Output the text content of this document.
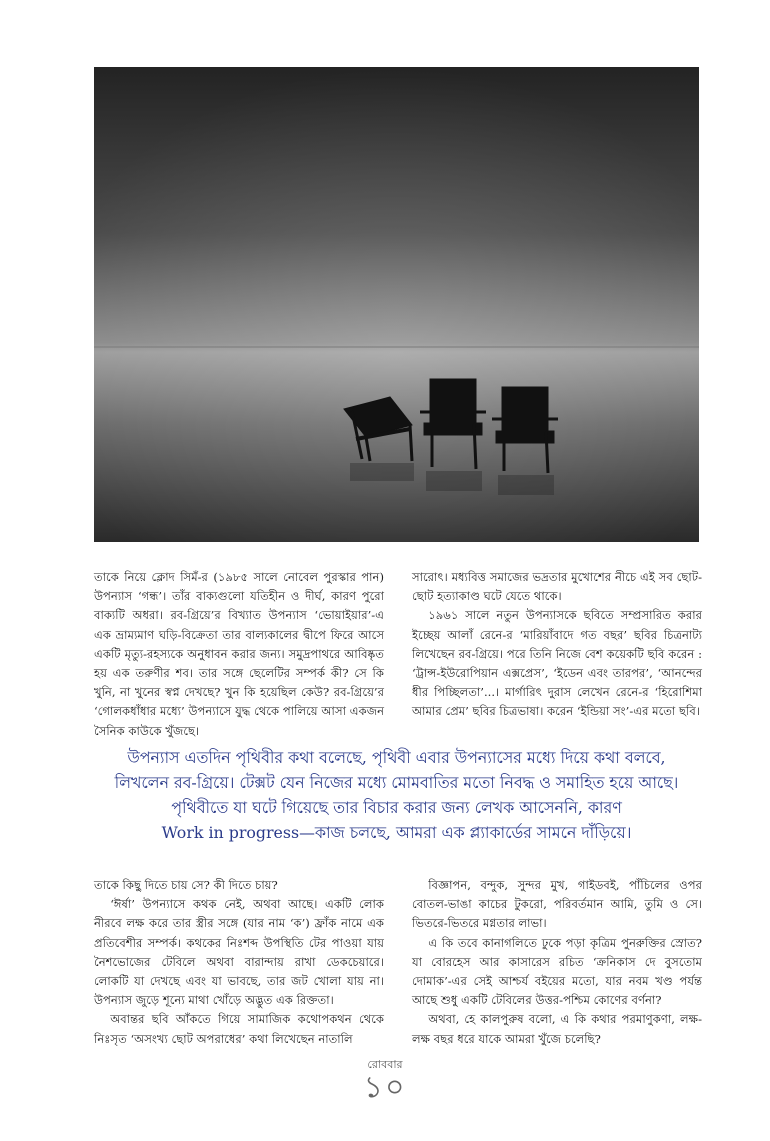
তাকে নিয়ে ক্লোদ সিমঁ-র (১৯৮৫ সালে নোবেল পুরস্কার পান) উপন্যাস ‘গন্ধ’। তাঁর বাক্যগুলো যতিহীন ও দীর্ঘ, কারণ পুরো বাক্যটি অধরা। রব-গ্রিয়ে’র বিখ্যাত উপন্যাস ‘ভোয়াইয়ার’-এ এক ভ্রাম্যমাণ ঘড়ি-বিক্রেতা তার বাল্যকালের দ্বীপে ফিরে আসে একটি মৃত্যু-রহস্যকে অনুধাবন করার জন্য। সমুদ্রপাথরে আবিষ্কৃত হয় এক তরুণীর শব। তার সঙ্গে ছেলেটির সম্পর্ক কী? সে কি খুনি, না খুনের স্বপ্ন দেখছে? খুন কি হয়েছিল কেউ? রব-গ্রিয়ে’র ‘গোলকধাঁধার মধ্যে’ উপন্যাসে যুদ্ধ থেকে পালিয়ে আসা একজন সৈনিক কাউকে খুঁজছে।

সারোৎ। মধ্যবিত্ত সমাজের ভদ্রতার মুখোশের নীচে এই সব ছোট-ছোট হত্যাকাণ্ড ঘটে যেতে থাকে।

১৯৬১ সালে নতুন উপন্যাসকে ছবিতে সম্প্রসারিত করার ইচ্ছেয় আলাঁ রেনে-র ‘মারিয়াঁবাদে গত বছর’ ছবির চিত্রনাট্য লিখেছেন রব-গ্রিয়ে। পরে তিনি নিজে বেশ কয়েকটি ছবি করেন : ‘ট্রান্স-ইউরোপিয়ান এক্সপ্রেস’, ‘ইডেন এবং তারপর’, ‘আনন্দের ধীর পিচ্ছিলতা’...। মার্গারিৎ দুরাস লেখেন রেনে-র ‘হিরোশিমা আমার প্রেম’ ছবির চিত্রভাষা। করেন ‘ইন্ডিয়া সং’-এর মতো ছবি।

উপন্যাস এতদিন পৃথিবীর কথা বলেছে, পৃথিবী এবার উপন্যাসের মধ্যে দিয়ে কথা বলবে,
লিখলেন রব-গ্রিয়ে। টেক্সট যেন নিজের মধ্যে মোমবাতির মতো নিবদ্ধ ও সমাহিত হয়ে আছে।
পৃথিবীতে যা ঘটে গিয়েছে তার বিচার করার জন্য লেখক আসেননি, কারণ
Work in progress—কাজ চলছে, আমরা এক প্ল্যাকার্ডের সামনে দাঁড়িয়ে।

তাকে কিছু দিতে চায় সে? কী দিতে চায়?

‘ঈর্ষা’ উপন্যাসে কথক নেই, অথবা আছে। একটি লোক নীরবে লক্ষ করে তার স্ত্রীর সঙ্গে (যার নাম ‘ক’) ফ্রাঁক নামে এক প্রতিবেশীর সম্পর্ক। কথকের নিঃশব্দ উপস্থিতি টের পাওয়া যায় নৈশভোজের টেবিলে অথবা বারান্দায় রাখা ডেকচেয়ারে। লোকটি যা দেখছে এবং যা ভাবছে, তার জট খোলা যায় না। উপন্যাস জুড়ে শূন্যে মাথা খোঁড়ে অদ্ভুত এক রিক্ততা।

অবান্তর ছবি আঁকতে গিয়ে সামাজিক কথোপকথন থেকে নিঃসৃত ‘অসংখ্য ছোট অপরাধের’ কথা লিখেছেন নাতালি

বিজ্ঞাপন, বন্দুক, সুন্দর মুখ, গাইডবই, পাঁচিলের ওপর বোতল-ভাঙা কাচের টুকরো, পরিবর্তমান আমি, তুমি ও সে। ভিতরে-ভিতরে মগ্নতার লাভা।

এ কি তবে কানাগলিতে ঢুকে পড়া কৃত্রিম পুনরুক্তির স্রোত? যা বোরহেস আর কাসারেস রচিত ‘ক্রনিকাস দে বুসতোম দোমাক’-এর সেই আশ্চর্য বইয়ের মতো, যার নবম খণ্ড পর্যন্ত আছে শুধু একটি টেবিলের উত্তর-পশ্চিম কোণের বর্ণনা?

অথবা, হে কালপুরুষ বলো, এ কি কথার পরমাণুকণা, লক্ষ-লক্ষ বছর ধরে যাকে আমরা খুঁজে চলেছি?

রোববার
১০
